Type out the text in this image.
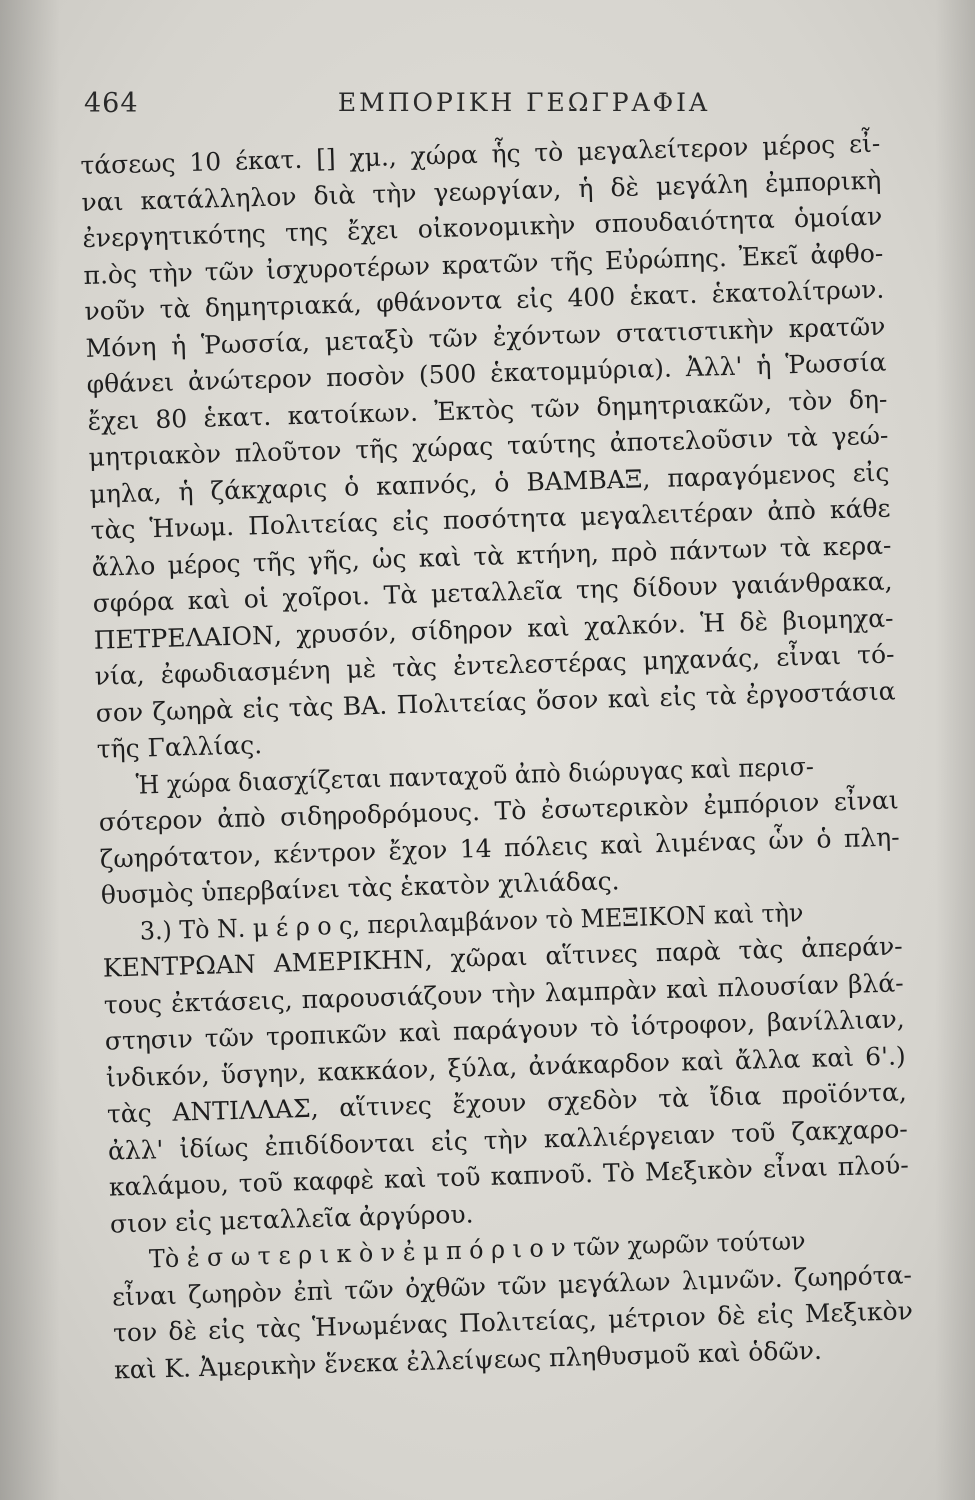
464	ΕΜΠΟΡΙΚΗ ΓΕΩΓΡΑΦΙΑ
τάσεως 10 έκατ. [] χμ., χώρα ἧς τὸ μεγαλείτερον μέρος εἶ-
ναι κατάλληλον διὰ τὴν γεωργίαν, ἡ δὲ μεγάλη ἐμπορικὴ
ἐνεργητικότης της ἔχει οἰκονομικὴν σπουδαιότητα ὁμοίαν
π.ὸς τὴν τῶν ἰσχυροτέρων κρατῶν τῆς Εὐρώπης. Ἐκεῖ ἀφθο-
νοῦν τὰ δημητριακά, φθάνοντα εἰς 400 ἑκατ. ἑκατολίτρων.
Μόνη ἡ Ῥωσσία, μεταξὺ τῶν ἐχόντων στατιστικὴν κρατῶν
φθάνει ἀνώτερον ποσὸν (500 ἑκατομμύρια). Ἀλλ' ἡ Ῥωσσία
ἔχει 80 ἑκατ. κατοίκων. Ἐκτὸς τῶν δημητριακῶν, τὸν δη-
μητριακὸν πλοῦτον τῆς χώρας ταύτης ἀποτελοῦσιν τὰ γεώ-
μηλα, ἡ ζάκχαρις ὁ καπνός, ὁ ΒΑΜΒΑΞ, παραγόμενος εἰς
τὰς Ἡνωμ. Πολιτείας εἰς ποσότητα μεγαλειτέραν ἀπὸ κάθε
ἄλλο μέρος τῆς γῆς, ὡς καὶ τὰ κτήνη, πρὸ πάντων τὰ κερα-
σφόρα καὶ οἱ χοῖροι. Τὰ μεταλλεῖα της δίδουν γαιάνθρακα,
ΠΕΤΡΕΛΑΙΟΝ, χρυσόν, σίδηρον καὶ χαλκόν. Ἡ δὲ βιομηχα-
νία, ἐφωδιασμένη μὲ τὰς ἐντελεστέρας μηχανάς, εἶναι τό-
σον ζωηρὰ εἰς τὰς ΒΑ. Πολιτείας ὅσον καὶ εἰς τὰ ἐργοστάσια
τῆς Γαλλίας.
Ἡ χώρα διασχίζεται πανταχοῦ ἀπὸ διώρυγας καὶ περισ-
σότερον ἀπὸ σιδηροδρόμους. Τὸ ἐσωτερικὸν ἐμπόριον εἶναι
ζωηρότατον, κέντρον ἔχον 14 πόλεις καὶ λιμένας ὧν ὁ πλη-
θυσμὸς ὑπερβαίνει τὰς ἑκατὸν χιλιάδας.
3.) Τὸ Ν. μ έ ρ ο ς, περιλαμβάνον τὸ ΜΕΞΙΚΟΝ καὶ τὴν
ΚΕΝΤΡΩΑΝ ΑΜΕΡΙΚΗΝ, χῶραι αἵτινες παρὰ τὰς ἀπεράν-
τους ἐκτάσεις, παρουσιάζουν τὴν λαμπρὰν καὶ πλουσίαν βλά-
στησιν τῶν τροπικῶν καὶ παράγουν τὸ ἰότροφον, βανίλλιαν,
ἰνδικόν, ὕσγην, κακκάον, ξύλα, ἀνάκαρδον καὶ ἄλλα καὶ 6'.)
τὰς ΑΝΤΙΛΛΑΣ, αἵτινες ἔχουν σχεδὸν τὰ ἴδια προϊόντα,
ἀλλ' ἰδίως ἐπιδίδονται εἰς τὴν καλλιέργειαν τοῦ ζακχαρο-
καλάμου, τοῦ καφφὲ καὶ τοῦ καπνοῦ. Τὸ Μεξικὸν εἶναι πλού-
σιον εἰς μεταλλεῖα ἀργύρου.
Τὸ ἐ σ ω τ ε ρ ι κ ὸ ν ἐ μ π ό ρ ι ο ν τῶν χωρῶν τούτων
εἶναι ζωηρὸν ἐπὶ τῶν ὀχθῶν τῶν μεγάλων λιμνῶν. ζωηρότα-
τον δὲ εἰς τὰς Ἡνωμένας Πολιτείας, μέτριον δὲ εἰς Μεξικὸν
καὶ Κ. Ἀμερικὴν ἕνεκα ἐλλείψεως πληθυσμοῦ καὶ ὁδῶν.
